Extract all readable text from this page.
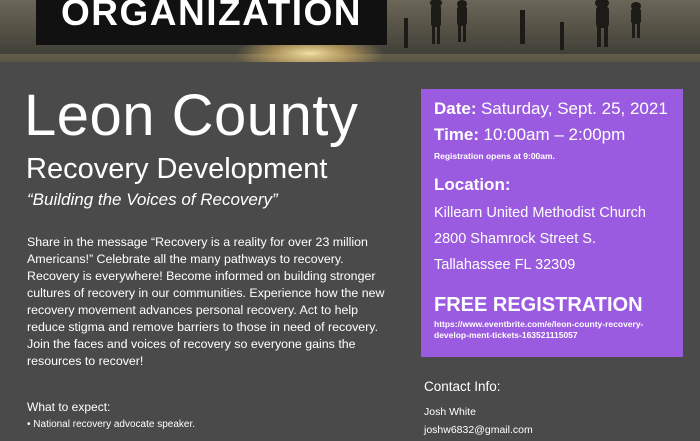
ORGANIZATION
Leon County
Recovery Development
“Building the Voices of Recovery”
Share in the message “Recovery is a reality for over 23 million
Americans!” Celebrate all the many pathways to recovery.
Recovery is everywhere! Become informed on building stronger
cultures of recovery in our communities. Experience how the new
recovery movement advances personal recovery. Act to help
reduce stigma and remove barriers to those in need of recovery.
Join the faces and voices of recovery so everyone gains the
resources to recover!
What to expect:
• National recovery advocate speaker.
Date: Saturday, Sept. 25, 2021
Time: 10:00am – 2:00pm
Registration opens at 9:00am.
Location:
Killearn United Methodist Church
2800 Shamrock Street S.
Tallahassee FL 32309
FREE REGISTRATION
https://www.eventbrite.com/e/leon-county-recovery-develop-ment-tickets-163521115057
Contact Info:
Josh White
joshw6832@gmail.com
